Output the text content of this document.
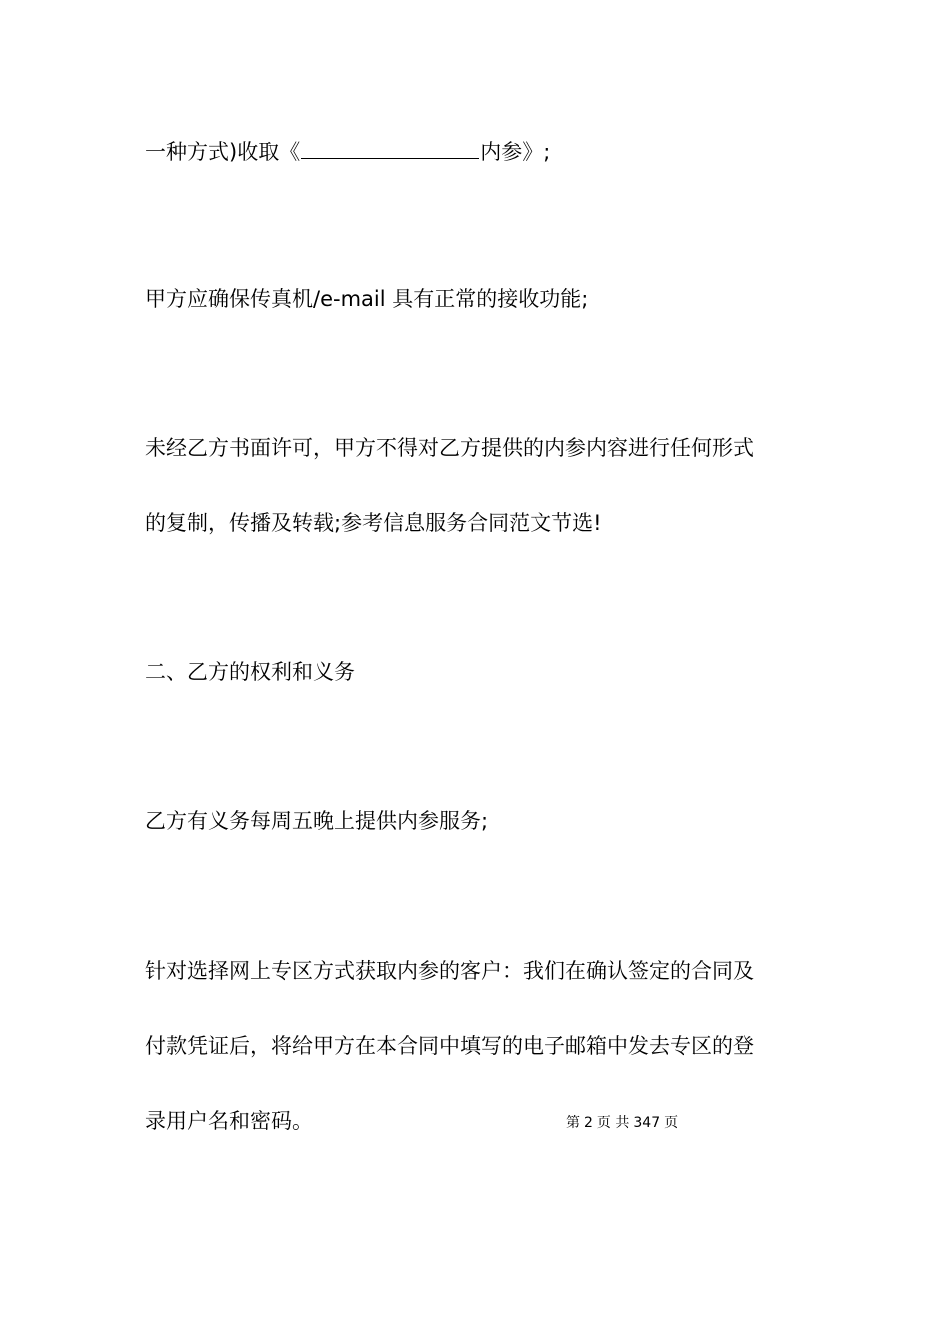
一种方式)收取《	内参》;
甲方应确保传真机/e-mail 具有正常的接收功能;
未经乙方书面许可，甲方不得对乙方提供的内参内容进行任何形式
的复制，传播及转载;参考信息服务合同范文节选!
二、乙方的权利和义务
乙方有义务每周五晚上提供内参服务;
针对选择网上专区方式获取内参的客户：我们在确认签定的合同及
付款凭证后，将给甲方在本合同中填写的电子邮箱中发去专区的登
录用户名和密码。	第 2 页 共 347 页
